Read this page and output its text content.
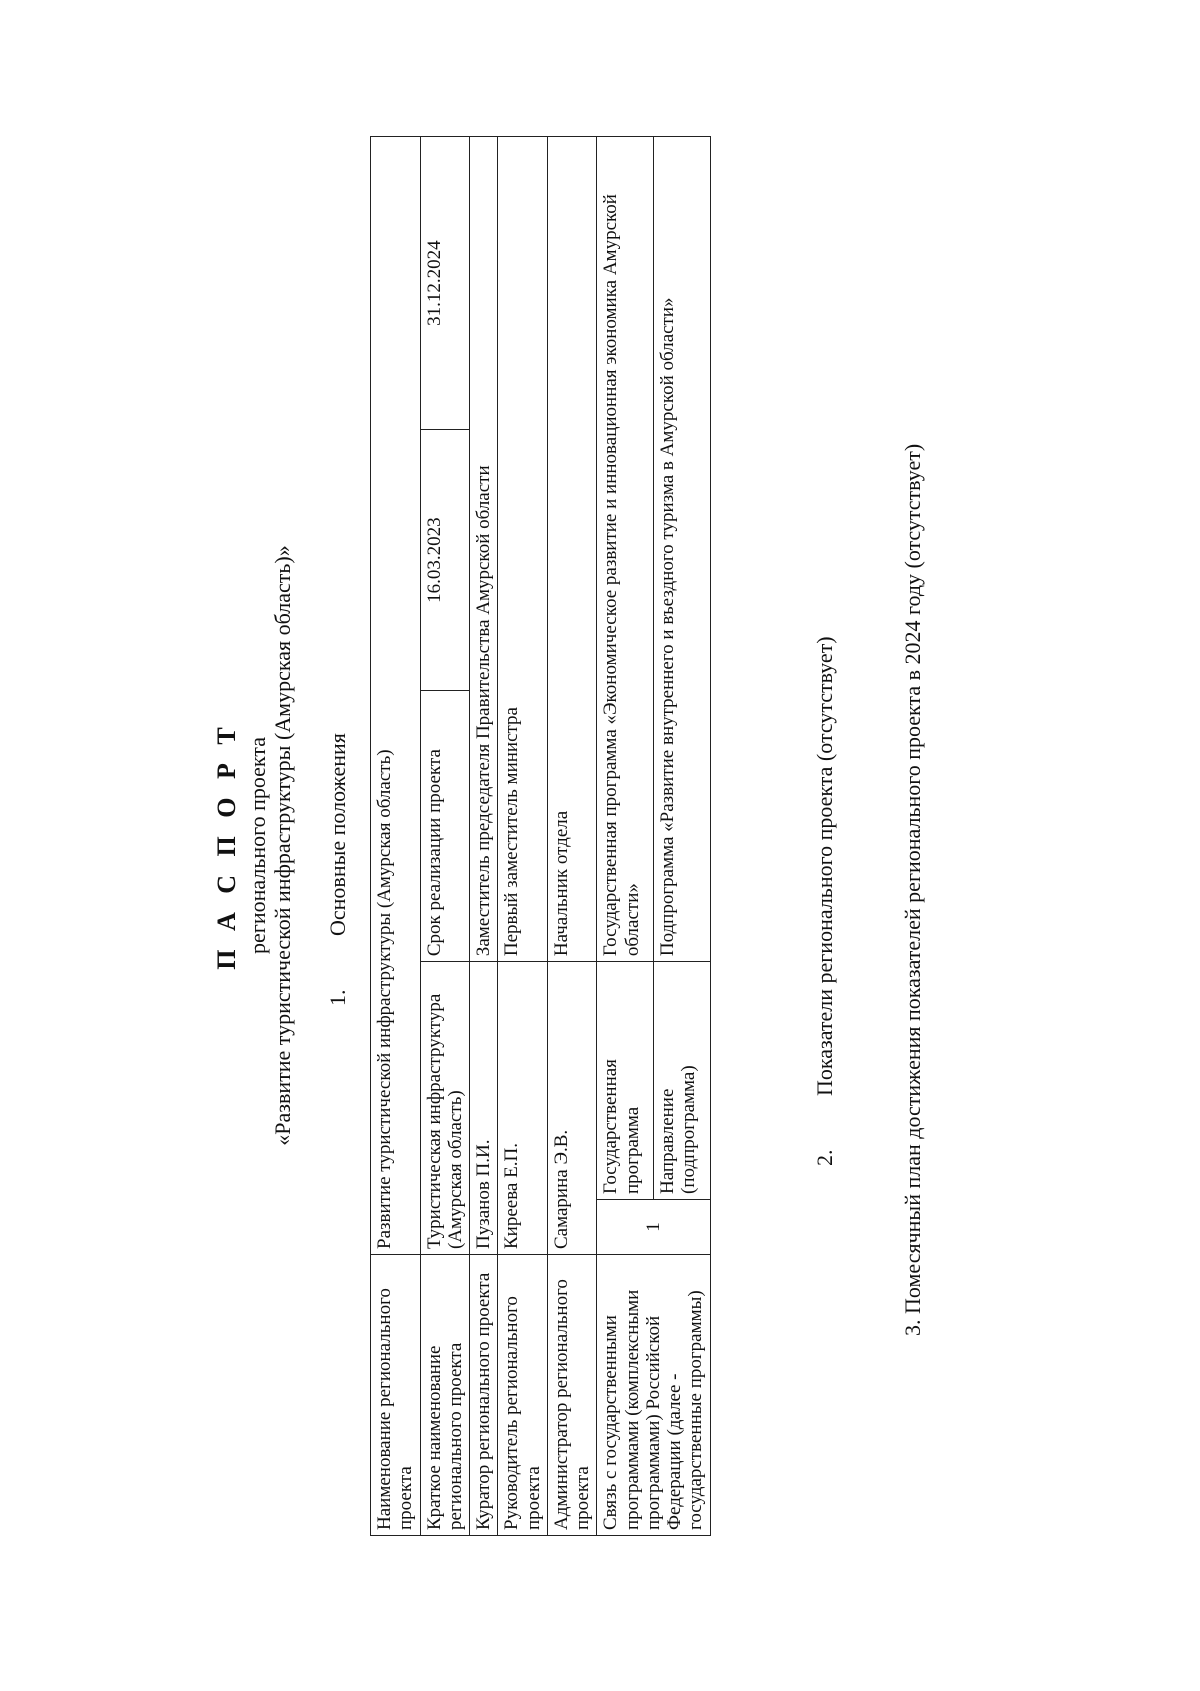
П А С П О Р Т регионального проекта «Развитие туристической инфраструктуры (Амурская область)» 1.Основные положения
Наименование регионального проекта	Развитие туристической инфраструктуры (Амурская область)				
Краткое наименование регионального проекта	Туристическая инфраструктура (Амурская область)		Срок реализации проекта	16.03.2023	31.12.2024
Куратор регионального проекта	Пузанов П.И.		Заместитель председателя Правительства Амурской области		
Руководитель регионального проекта	Киреева Е.П.		Первый заместитель министра		
Администратор регионального проекта	Самарина Э.В.		Начальник отдела		
Связь с государственными программами (комплексными программами) Российской Федерации (далее - государственные программы)	1	Государственная программа	Государственная программа «Экономическое развитие и инновационная экономика Амурской области»		
		Направление (подпрограмма)	Подпрограмма «Развитие внутреннего и въездного туризма в Амурской области»		
2.Показатели регионального проекта (отсутствует)	3. Помесячный план достижения показателей регионального проекта в 2024 году (отсутствует)
